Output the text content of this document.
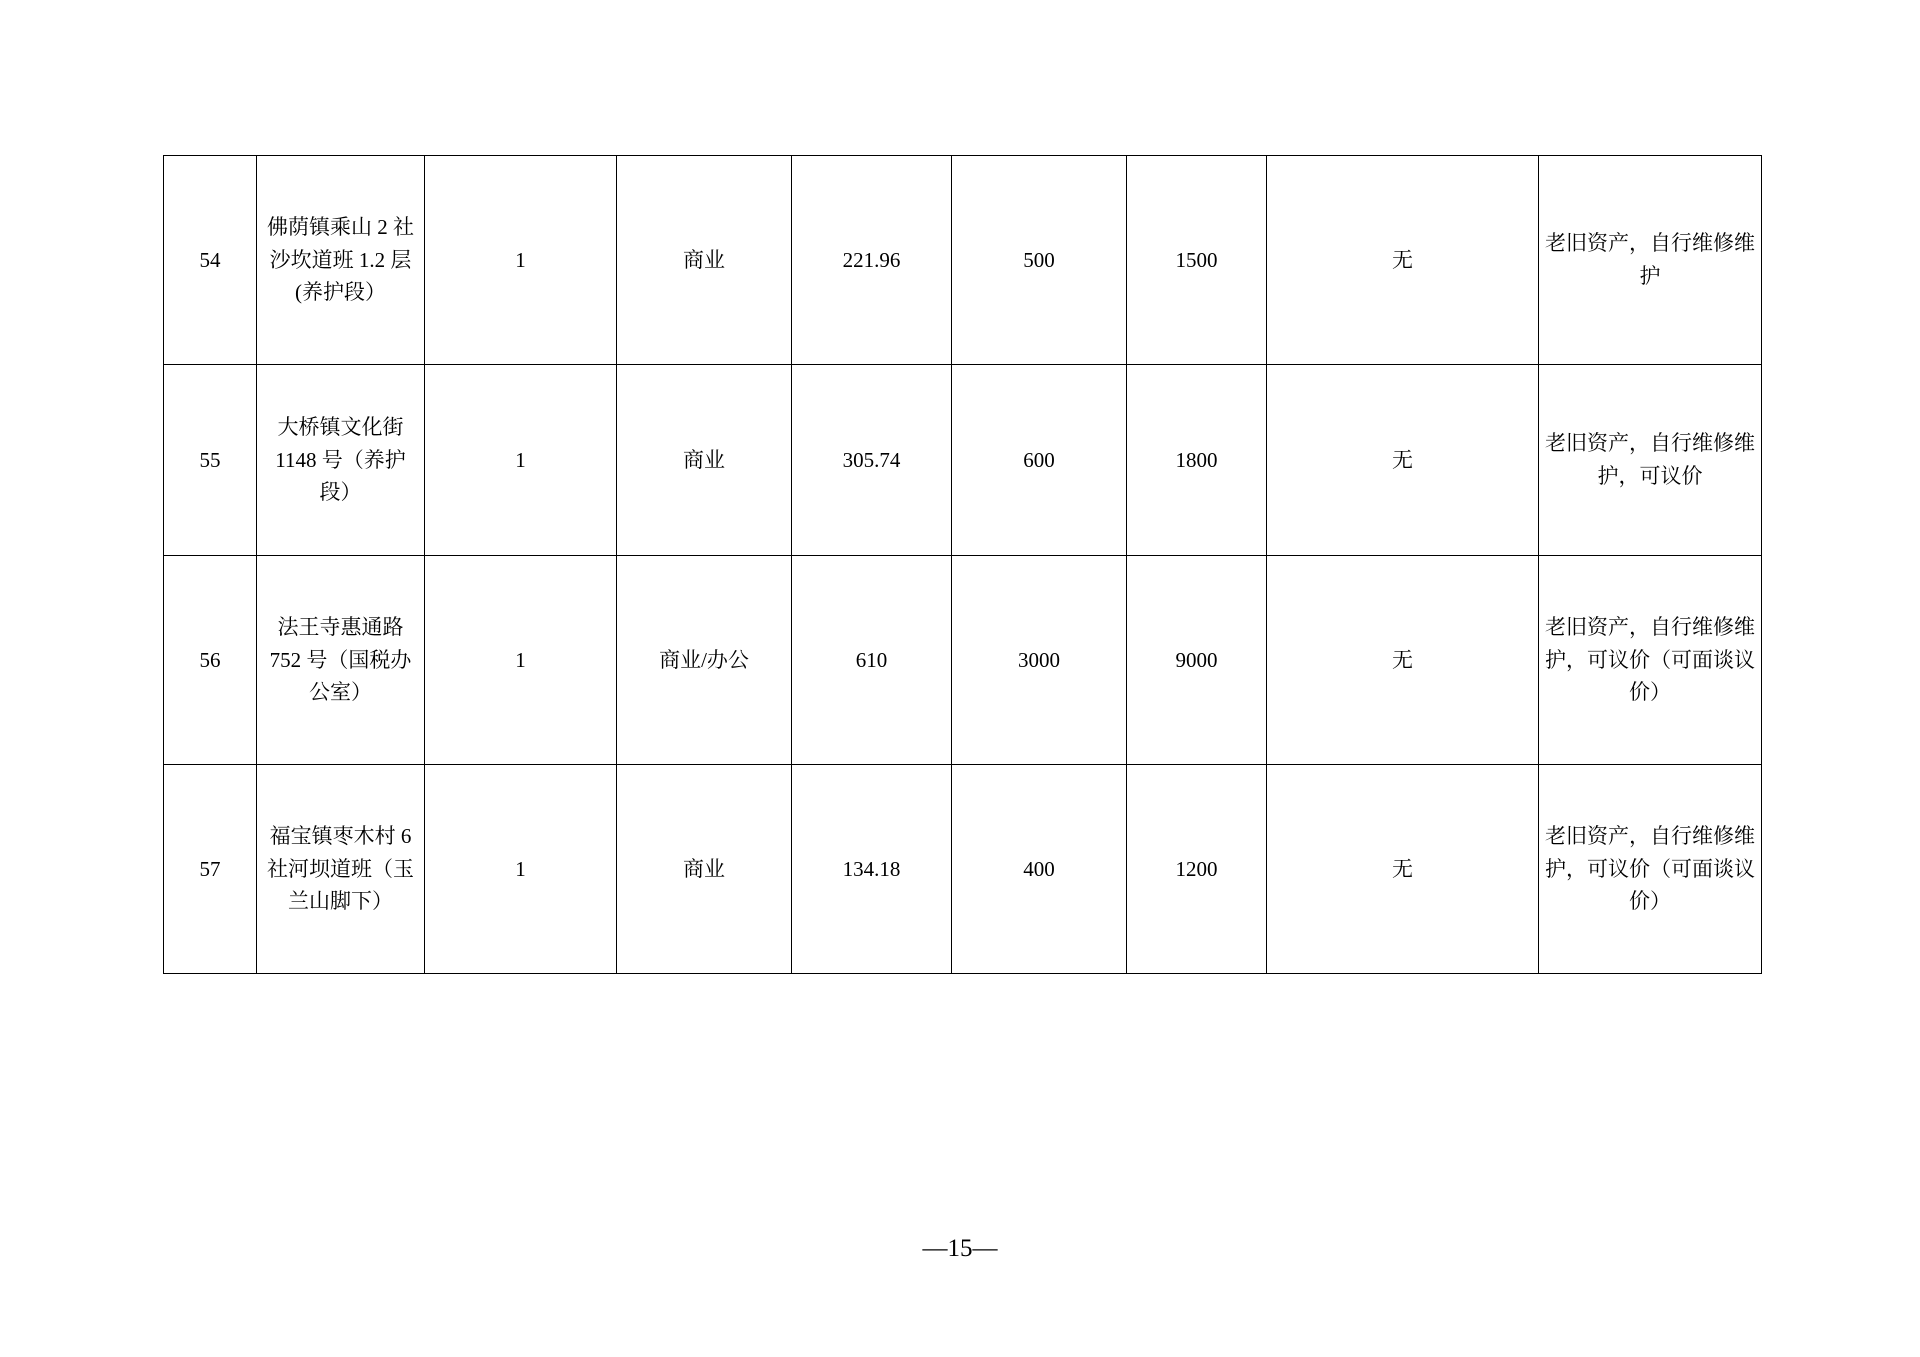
54	佛荫镇乘山 2 社沙坎道班 1.2 层(养护段）	1	商业	221.96	500	1500	无	老旧资产，自行维修维护
55	大桥镇文化街 1148 号（养护段）	1	商业	305.74	600	1800	无	老旧资产，自行维修维护，可议价
56	法王寺惠通路 752 号（国税办公室）	1	商业/办公	610	3000	9000	无	老旧资产，自行维修维护，可议价（可面谈议价）
57	福宝镇枣木村 6 社河坝道班（玉兰山脚下）	1	商业	134.18	400	1200	无	老旧资产，自行维修维护，可议价（可面谈议价）
—15—
